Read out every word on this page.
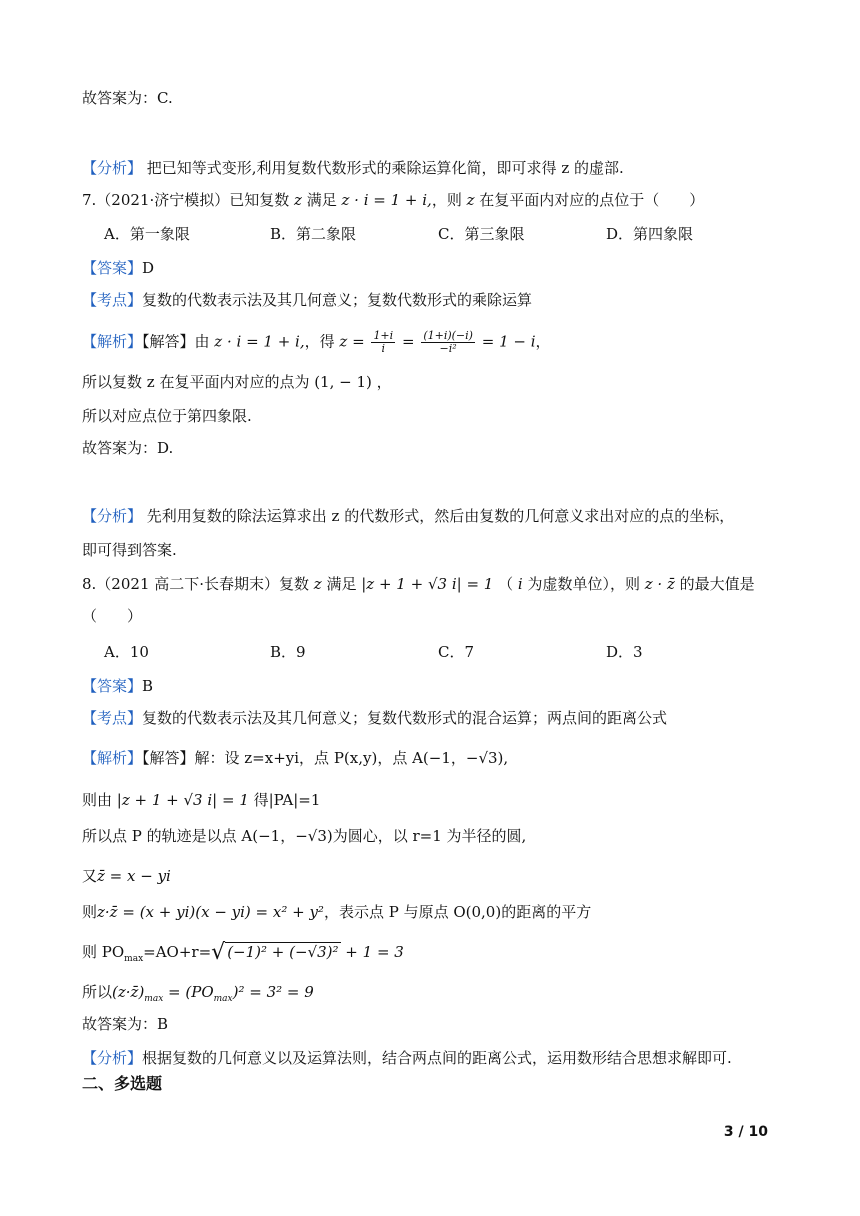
故答案为：C.
【分析】 把已知等式变形,利用复数代数形式的乘除运算化简，即可求得 z 的虚部.
7.（2021·济宁模拟）已知复数 z 满足 z · i = 1 + i,，则 z 在复平面内对应的点位于（　　）
A．第一象限	B．第二象限	C．第三象限	D．第四象限
【答案】D
【考点】复数的代数表示法及其几何意义；复数代数形式的乘除运算
【解析】【解答】由 z · i = 1 + i,，得 $z = \frac{1+i}{i} = \frac{(1+i)(-i)}{\text{−i²}} = 1 - i$，
所以复数 z 在复平面内对应的点为 (1, − 1) ，
所以对应点位于第四象限.
故答案为：D.
【分析】 先利用复数的除法运算求出 z 的代数形式，然后由复数的几何意义求出对应的点的坐标，
即可得到答案.
8.（2021 高二下·长春期末）复数 z 满足 |z + 1 + √3 i| = 1 （ i 为虚数单位），则 z · z̄ 的最大值是
（　　）
A．10	B．9	C．7	D．3
【答案】B
【考点】复数的代数表示法及其几何意义；复数代数形式的混合运算；两点间的距离公式
【解析】【解答】解：设 z=x+yi，点 P(x,y)，点 A(−1，−√3),
则由 |z + 1 + √3 i| = 1 得|PA|=1
所以点 P 的轨迹是以点 A(−1，−√3)为圆心，以 r=1 为半径的圆,
又z̄ = x − yi
则z·z̄ = (x + yi)(x − yi) = x² + y²，表示点 P 与原点 O(0,0)的距离的平方
则 $PO_{max}=AO+r=√$ (−1)² + (−√3)² + 1 = 3
所以$(z\cdot z̄)_{max} = (PO_{max})^2 = 3^2 = 9$
故答案为：B
【分析】根据复数的几何意义以及运算法则，结合两点间的距离公式，运用数形结合思想求解即可.
二、多选题
3 / 10
